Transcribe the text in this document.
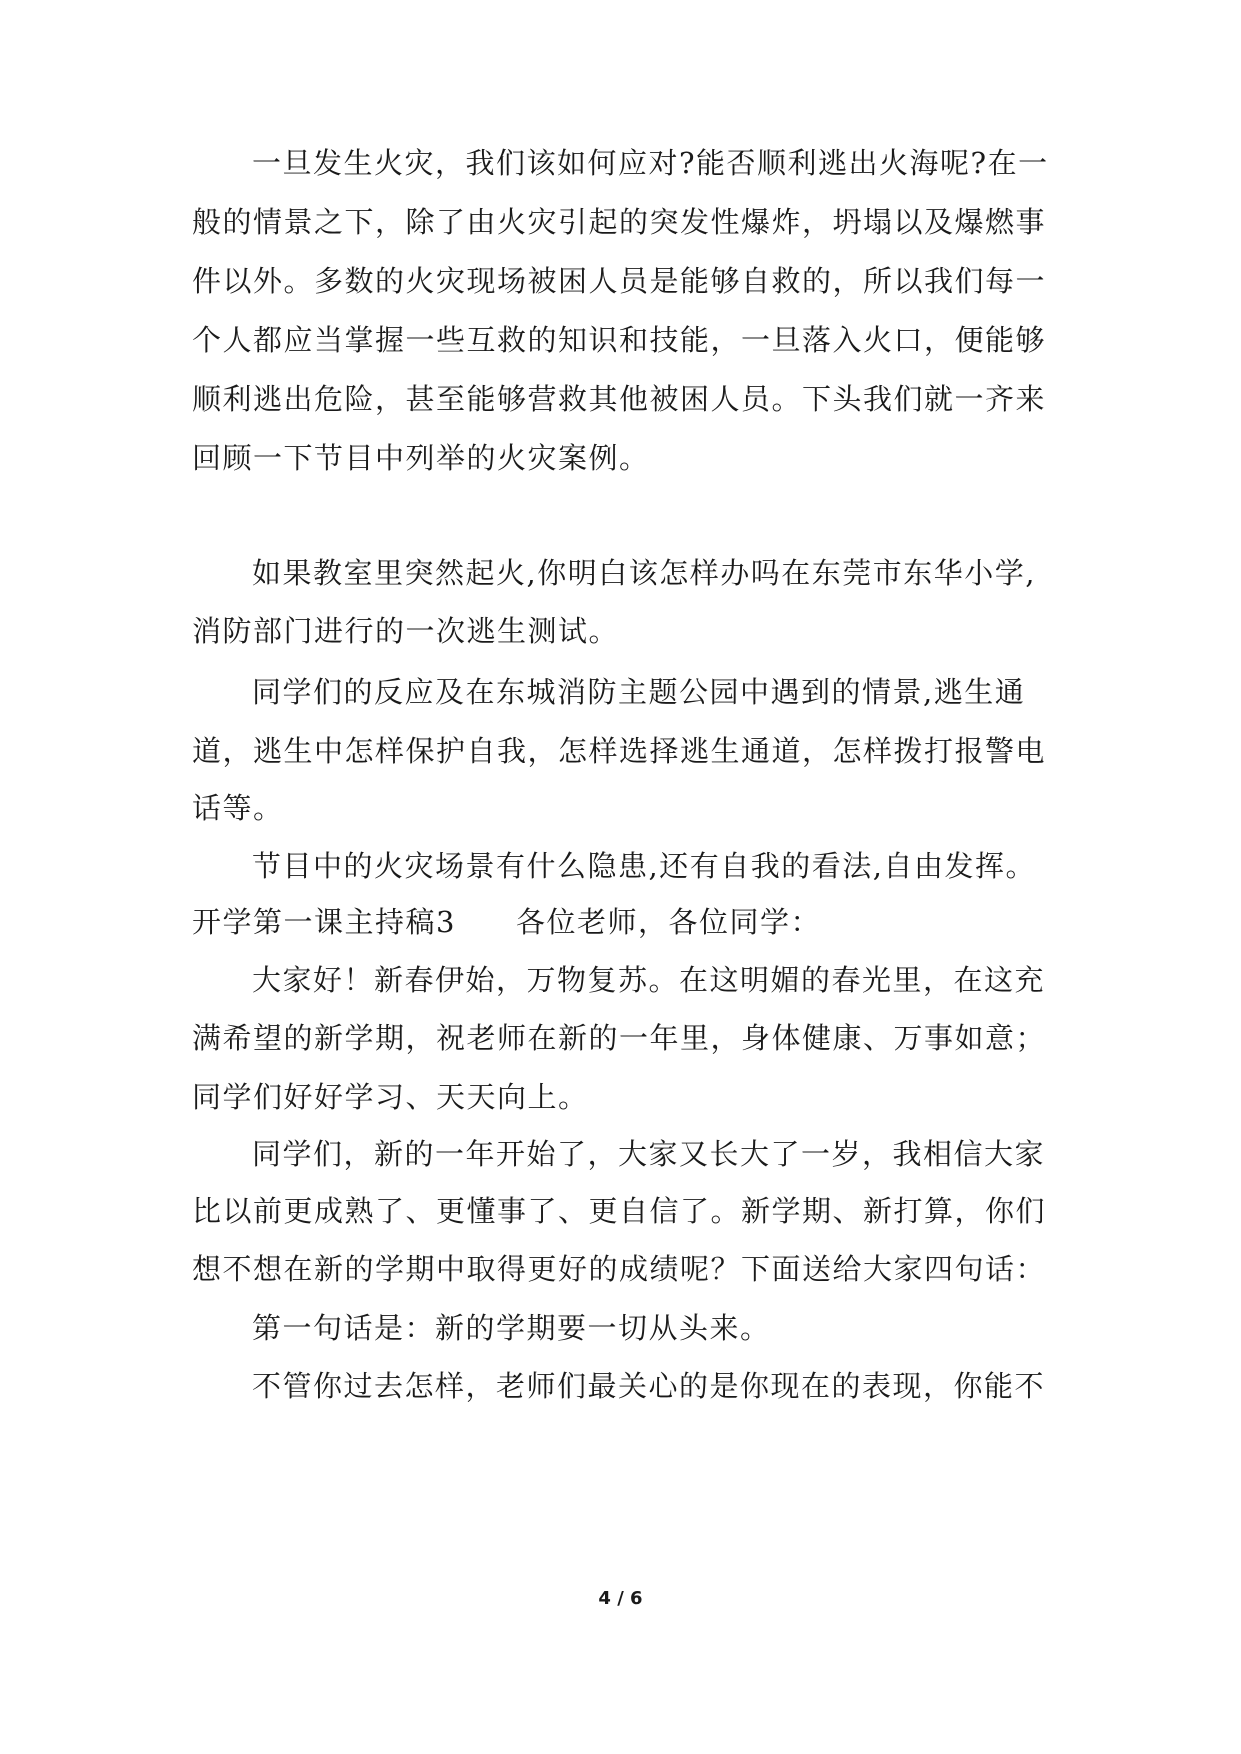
一旦发生火灾，我们该如何应对?能否顺利逃出火海呢?在一
般的情景之下，除了由火灾引起的突发性爆炸，坍塌以及爆燃事
件以外。多数的火灾现场被困人员是能够自救的，所以我们每一
个人都应当掌握一些互救的知识和技能，一旦落入火口，便能够
顺利逃出危险，甚至能够营救其他被困人员。下头我们就一齐来
回顾一下节目中列举的火灾案例。
如果教室里突然起火,你明白该怎样办吗在东莞市东华小学,
消防部门进行的一次逃生测试。
同学们的反应及在东城消防主题公园中遇到的情景,逃生通
道，逃生中怎样保护自我，怎样选择逃生通道，怎样拨打报警电
话等。
节目中的火灾场景有什么隐患,还有自我的看法,自由发挥。
开学第一课主持稿3 各位老师，各位同学：
大家好！新春伊始，万物复苏。在这明媚的春光里，在这充
满希望的新学期，祝老师在新的一年里，身体健康、万事如意；
同学们好好学习、天天向上。
同学们，新的一年开始了，大家又长大了一岁，我相信大家
比以前更成熟了、更懂事了、更自信了。新学期、新打算，你们
想不想在新的学期中取得更好的成绩呢？下面送给大家四句话：
第一句话是：新的学期要一切从头来。
不管你过去怎样，老师们最关心的是你现在的表现，你能不
4 / 6
